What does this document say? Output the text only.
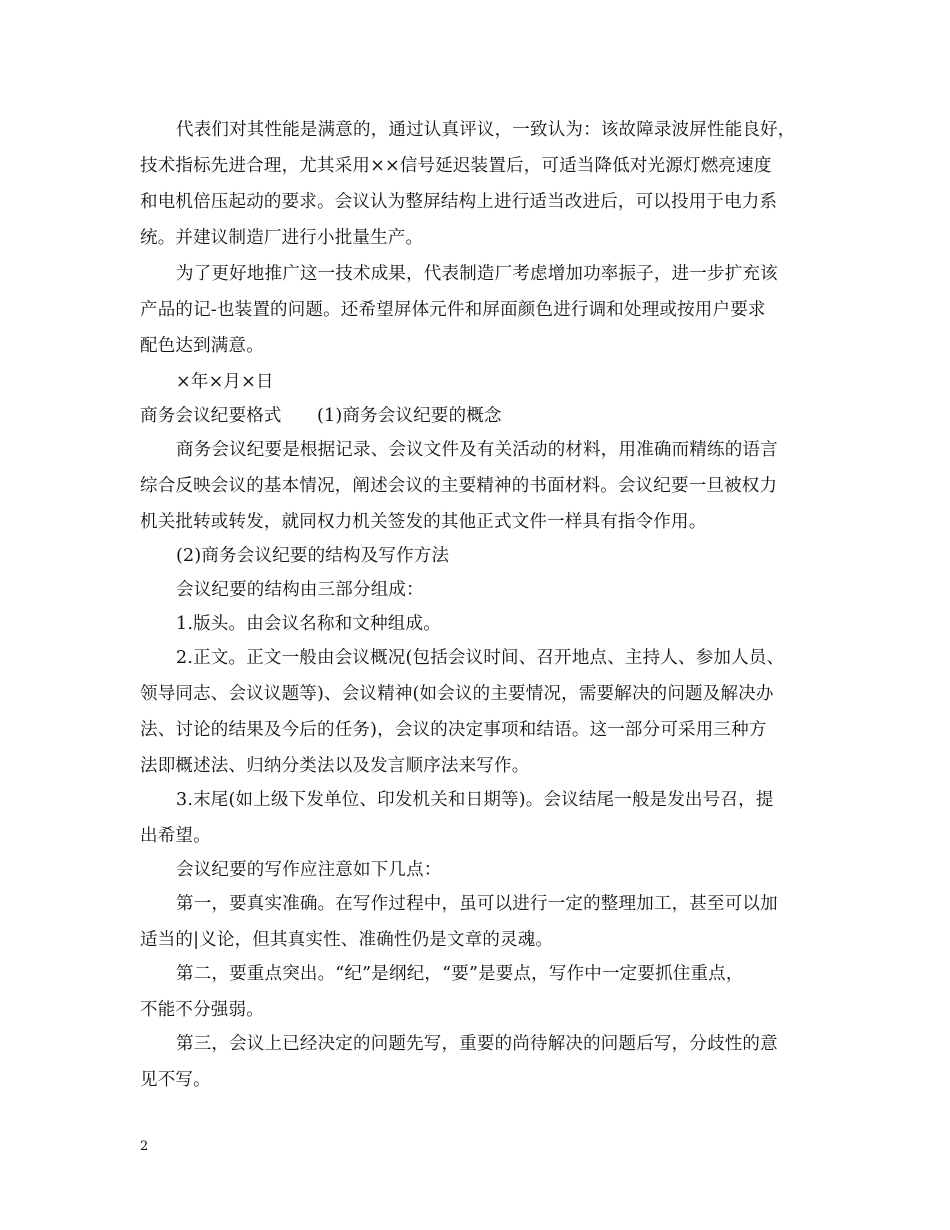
代表们对其性能是满意的，通过认真评议，一致认为：该故障录波屏性能良好，
技术指标先进合理，尤其采用××信号延迟装置后，可适当降低对光源灯燃亮速度
和电机倍压起动的要求。会议认为整屏结构上进行适当改进后，可以投用于电力系
统。并建议制造厂进行小批量生产。
为了更好地推广这一技术成果，代表制造厂考虑增加功率振子，进一步扩充该
产品的记-也装置的问题。还希望屏体元件和屏面颜色进行调和处理或按用户要求
配色达到满意。
×年×月×日
商务会议纪要格式　　(1)商务会议纪要的概念
商务会议纪要是根据记录、会议文件及有关活动的材料，用准确而精练的语言
综合反映会议的基本情况，阐述会议的主要精神的书面材料。会议纪要一旦被权力
机关批转或转发，就同权力机关签发的其他正式文件一样具有指令作用。
(2)商务会议纪要的结构及写作方法
会议纪要的结构由三部分组成：
1.版头。由会议名称和文种组成。
2.正文。正文一般由会议概况(包括会议时间、召开地点、主持人、参加人员、
领导同志、会议议题等)、会议精神(如会议的主要情况，需要解决的问题及解决办
法、讨论的结果及今后的任务)，会议的决定事项和结语。这一部分可采用三种方
法即概述法、归纳分类法以及发言顺序法来写作。
3.末尾(如上级下发单位、印发机关和日期等)。会议结尾一般是发出号召，提
出希望。
会议纪要的写作应注意如下几点：
第一，要真实准确。在写作过程中，虽可以进行一定的整理加工，甚至可以加
适当的|义论，但其真实性、准确性仍是文章的灵魂。
第二，要重点突出。“纪”是纲纪，“要”是要点，写作中一定要抓住重点，
不能不分强弱。
第三，会议上已经决定的问题先写，重要的尚待解决的问题后写，分歧性的意
见不写。
2
